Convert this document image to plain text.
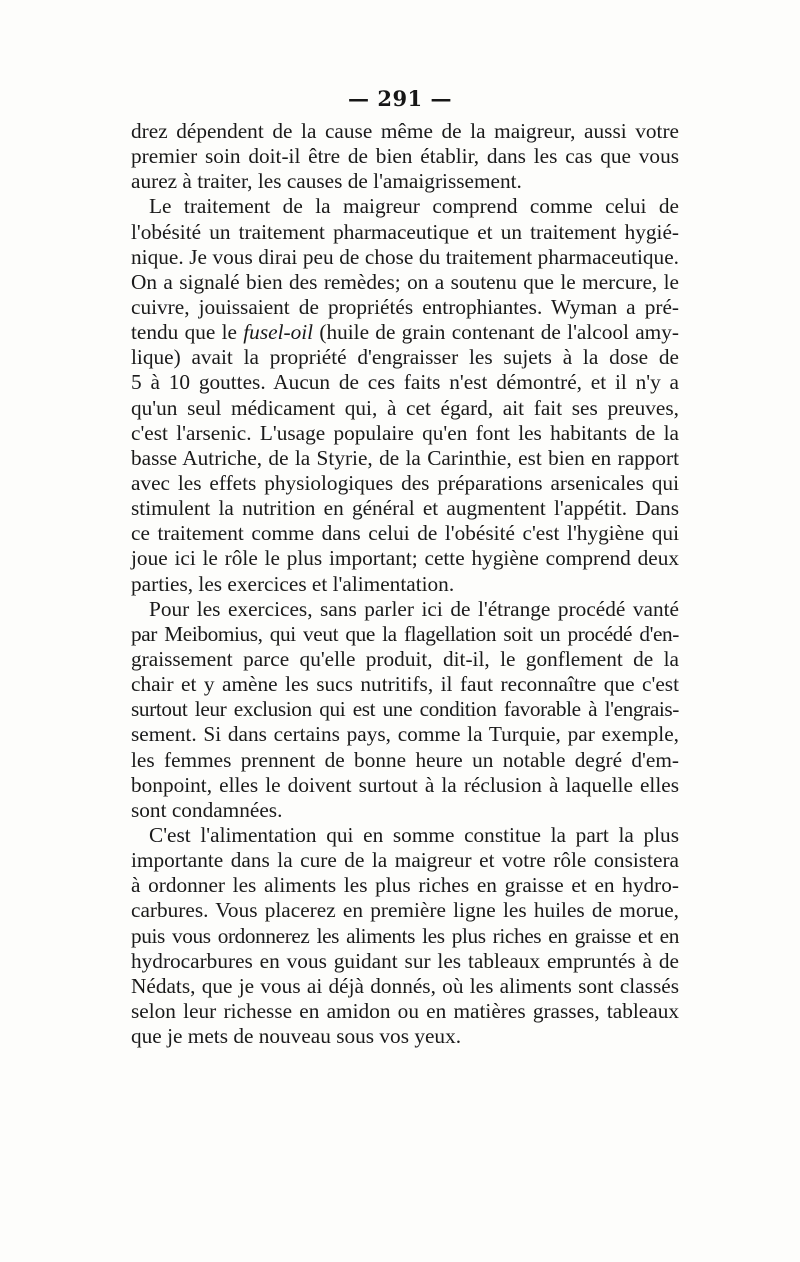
— 291 —
drez dépendent de la cause même de la maigreur, aussi votre
premier soin doit-il être de bien établir, dans les cas que vous
aurez à traiter, les causes de l'amaigrissement.
Le traitement de la maigreur comprend comme celui de
l'obésité un traitement pharmaceutique et un traitement hygié-
nique. Je vous dirai peu de chose du traitement pharmaceutique.
On a signalé bien des remèdes; on a soutenu que le mercure, le
cuivre, jouissaient de propriétés entrophiantes. Wyman a pré-
tendu que le fusel-oil (huile de grain contenant de l'alcool amy-
lique) avait la propriété d'engraisser les sujets à la dose de
5 à 10 gouttes. Aucun de ces faits n'est démontré, et il n'y a
qu'un seul médicament qui, à cet égard, ait fait ses preuves,
c'est l'arsenic. L'usage populaire qu'en font les habitants de la
basse Autriche, de la Styrie, de la Carinthie, est bien en rapport
avec les effets physiologiques des préparations arsenicales qui
stimulent la nutrition en général et augmentent l'appétit. Dans
ce traitement comme dans celui de l'obésité c'est l'hygiène qui
joue ici le rôle le plus important; cette hygiène comprend deux
parties, les exercices et l'alimentation.
Pour les exercices, sans parler ici de l'étrange procédé vanté
par Meibomius, qui veut que la flagellation soit un procédé d'en-
graissement parce qu'elle produit, dit-il, le gonflement de la
chair et y amène les sucs nutritifs, il faut reconnaître que c'est
surtout leur exclusion qui est une condition favorable à l'engrais-
sement. Si dans certains pays, comme la Turquie, par exemple,
les femmes prennent de bonne heure un notable degré d'em-
bonpoint, elles le doivent surtout à la réclusion à laquelle elles
sont condamnées.
C'est l'alimentation qui en somme constitue la part la plus
importante dans la cure de la maigreur et votre rôle consistera
à ordonner les aliments les plus riches en graisse et en hydro-
carbures. Vous placerez en première ligne les huiles de morue,
puis vous ordonnerez les aliments les plus riches en graisse et en
hydrocarbures en vous guidant sur les tableaux empruntés à de
Nédats, que je vous ai déjà donnés, où les aliments sont classés
selon leur richesse en amidon ou en matières grasses, tableaux
que je mets de nouveau sous vos yeux.
